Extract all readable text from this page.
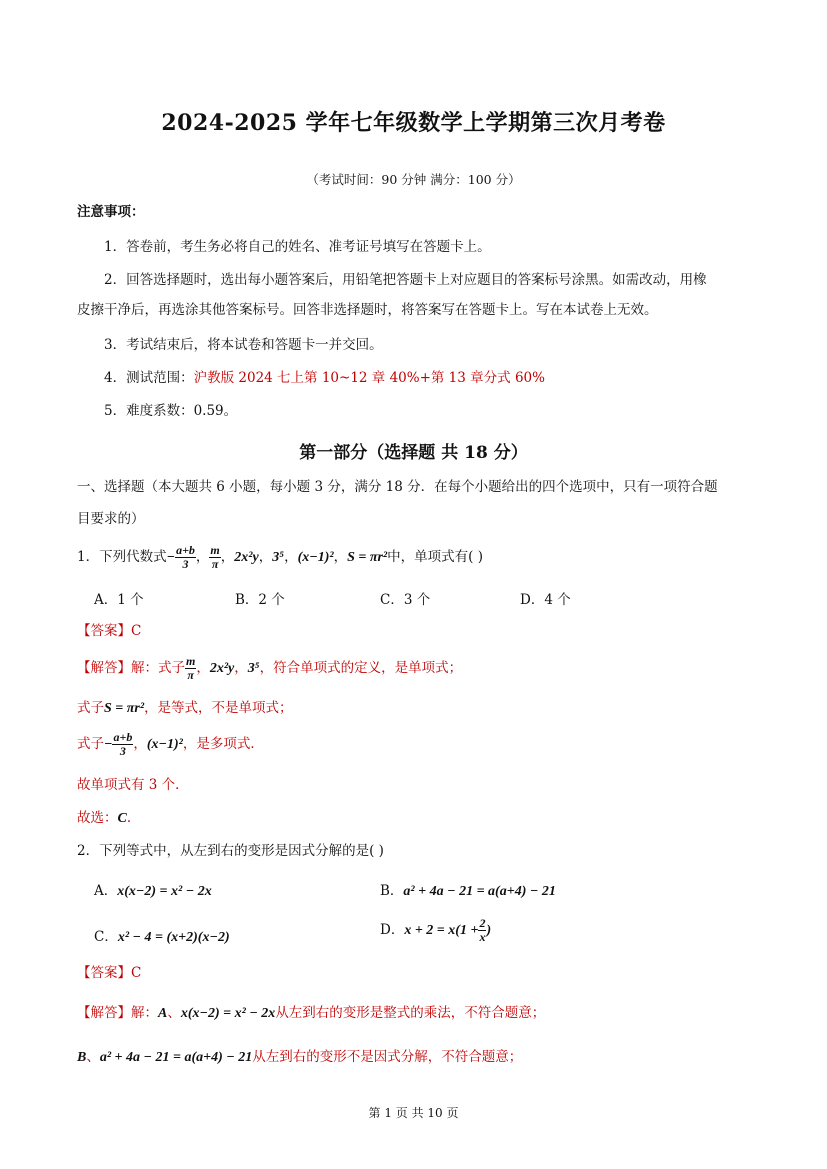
2024-2025 学年七年级数学上学期第三次月考卷
（考试时间：90 分钟 满分：100 分）
注意事项：
1．答卷前，考生务必将自己的姓名、准考证号填写在答题卡上。
2．回答选择题时，选出每小题答案后，用铅笔把答题卡上对应题目的答案标号涂黑。如需改动，用橡
皮擦干净后，再选涂其他答案标号。回答非选择题时，将答案写在答题卡上。写在本试卷上无效。
3．考试结束后，将本试卷和答题卡一并交回。
4．测试范围：沪教版 2024 七上第 10~12 章 40%+第 13 章分式 60%
5．难度系数：0.59。
第一部分（选择题 共 18 分）
一、选择题（本大题共 6 小题，每小题 3 分，满分 18 分．在每个小题给出的四个选项中，只有一项符合题
目要求的）
1．下列代数式− $\frac{a+b}{3}$ ， $\frac{m}{\pi}$ ，2x²y，3⁵，(x−1)²，S = πr²中，单项式有( )
A．1 个	B．2 个	C．3 个	D．4 个
【答案】C
【解答】解：式子 $\frac{m}{\pi}$ ，2x²y，3⁵，符合单项式的定义，是单项式；
式子S = πr²，是等式，不是单项式；
式子− $\frac{a+b}{3}$ ，(x−1)²，是多项式．
故单项式有 3 个．
故选：C．
2．下列等式中，从左到右的变形是因式分解的是( )
A．x(x−2) = x² − 2x	B．a² + 4a − 21 = a(a+4) − 21
C．x² − 4 = (x+2)(x−2)	D．$x + 2 = x(1 + \frac{2}{x}$ )
【答案】C
【解答】解：A、x(x−2) = x² − 2x从左到右的变形是整式的乘法，不符合题意；
B、a² + 4a − 21 = a(a+4) − 21从左到右的变形不是因式分解，不符合题意；
第 1 页 共 10 页
